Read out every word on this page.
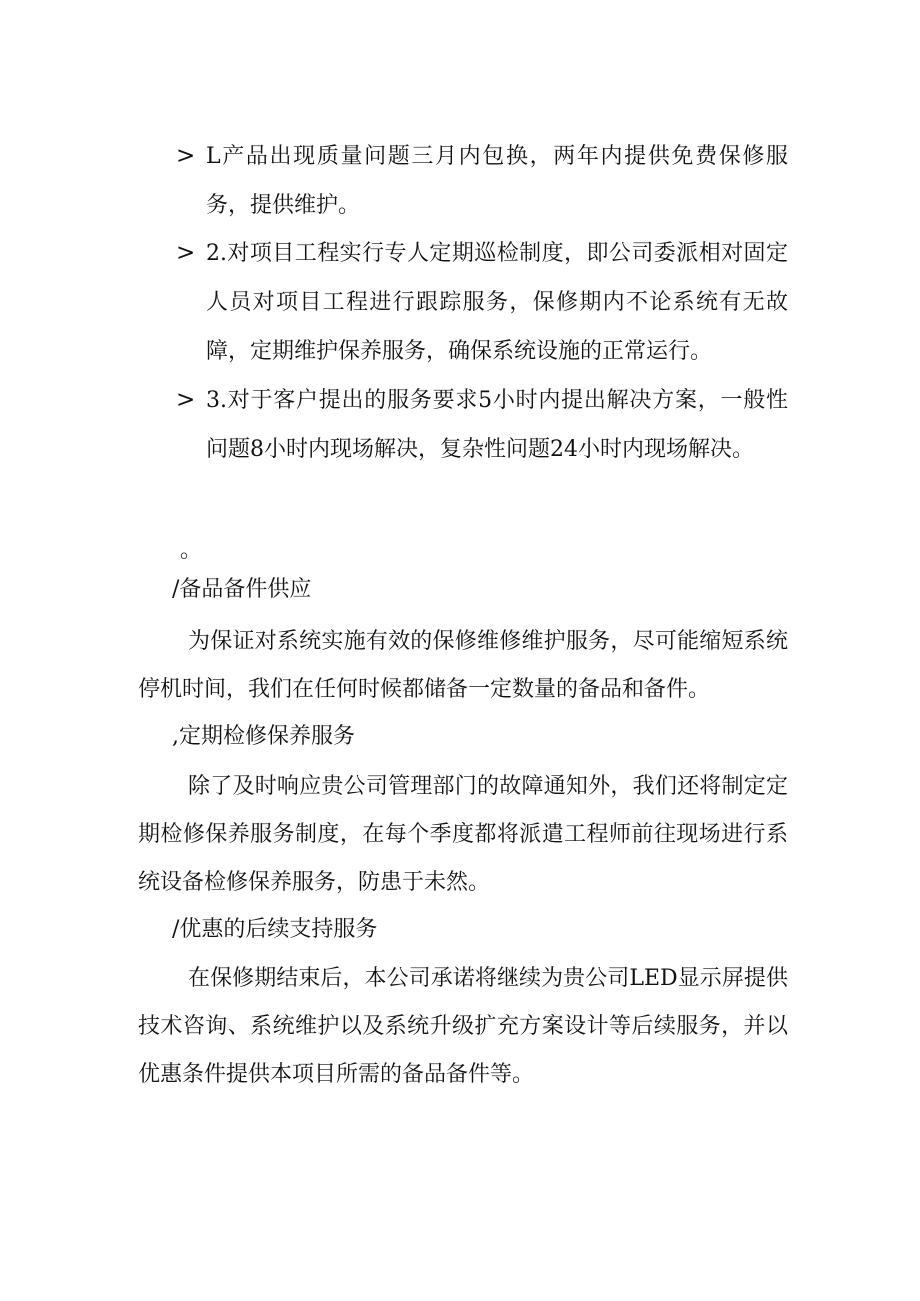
> L产品出现质量问题三月内包换，两年内提供免费保修服务，提供维护。
> 2.对项目工程实行专人定期巡检制度，即公司委派相对固定人员对项目工程进行跟踪服务，保修期内不论系统有无故障，定期维护保养服务，确保系统设施的正常运行。
> 3.对于客户提出的服务要求5小时内提出解决方案，一般性问题8小时内现场解决，复杂性问题24小时内现场解决。
。
/备品备件供应
为保证对系统实施有效的保修维修维护服务，尽可能缩短系统停机时间，我们在任何时候都储备一定数量的备品和备件。
,定期检修保养服务
除了及时响应贵公司管理部门的故障通知外，我们还将制定定期检修保养服务制度，在每个季度都将派遣工程师前往现场进行系统设备检修保养服务，防患于未然。
/优惠的后续支持服务
在保修期结束后，本公司承诺将继续为贵公司LED显示屏提供技术咨询、系统维护以及系统升级扩充方案设计等后续服务，并以优惠条件提供本项目所需的备品备件等。
